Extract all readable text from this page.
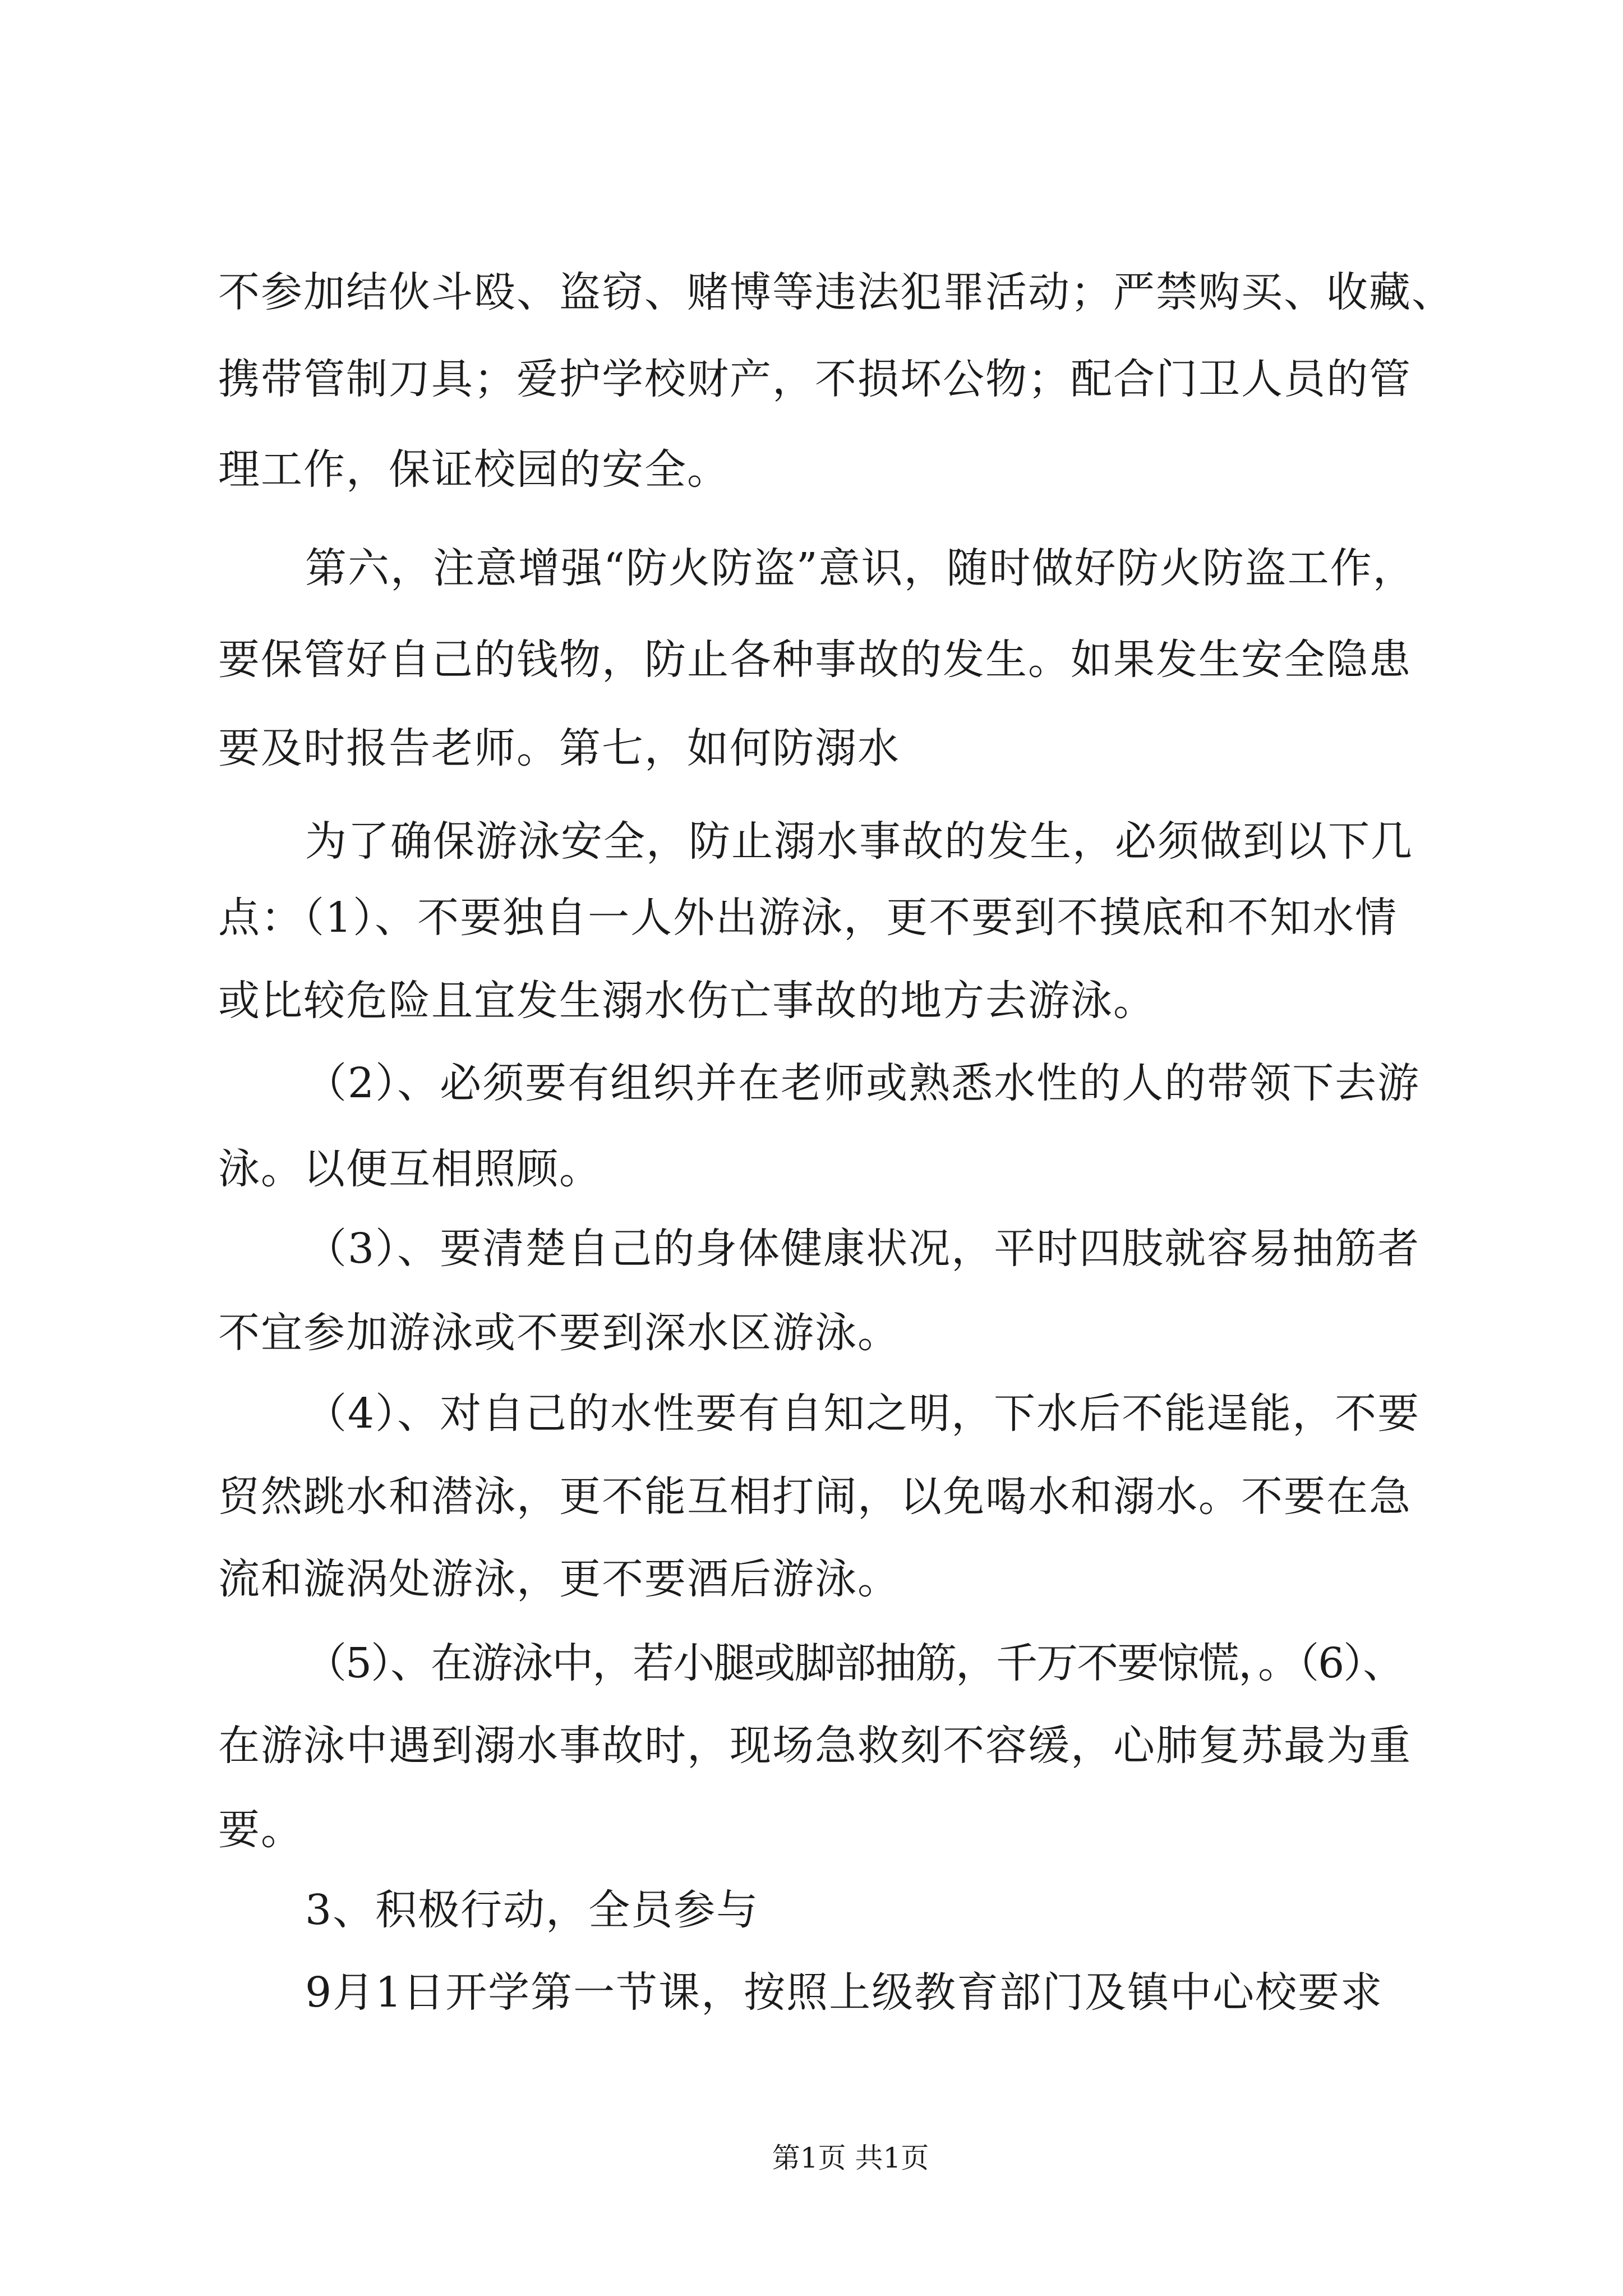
不参加结伙斗殴、盗窃、赌博等违法犯罪活动；严禁购买、收藏、
携带管制刀具；爱护学校财产，不损坏公物；配合门卫人员的管
理工作，保证校园的安全。
第六，注意增强“防火防盗”意识，随时做好防火防盗工作，
要保管好自己的钱物，防止各种事故的发生。如果发生安全隐患
要及时报告老师。第七，如何防溺水
为了确保游泳安全，防止溺水事故的发生，必须做到以下几
点：（1）、不要独自一人外出游泳，更不要到不摸底和不知水情
或比较危险且宜发生溺水伤亡事故的地方去游泳。
（2）、必须要有组织并在老师或熟悉水性的人的带领下去游
泳。以便互相照顾。
（3）、要清楚自己的身体健康状况，平时四肢就容易抽筋者
不宜参加游泳或不要到深水区游泳。
（4）、对自己的水性要有自知之明，下水后不能逞能，不要
贸然跳水和潜泳，更不能互相打闹，以免喝水和溺水。不要在急
流和漩涡处游泳，更不要酒后游泳。
（5）、在游泳中，若小腿或脚部抽筋，千万不要惊慌，。（6）、
在游泳中遇到溺水事故时，现场急救刻不容缓，心肺复苏最为重
要。
3、积极行动，全员参与
9月1日开学第一节课，按照上级教育部门及镇中心校要求
第1页 共1页
